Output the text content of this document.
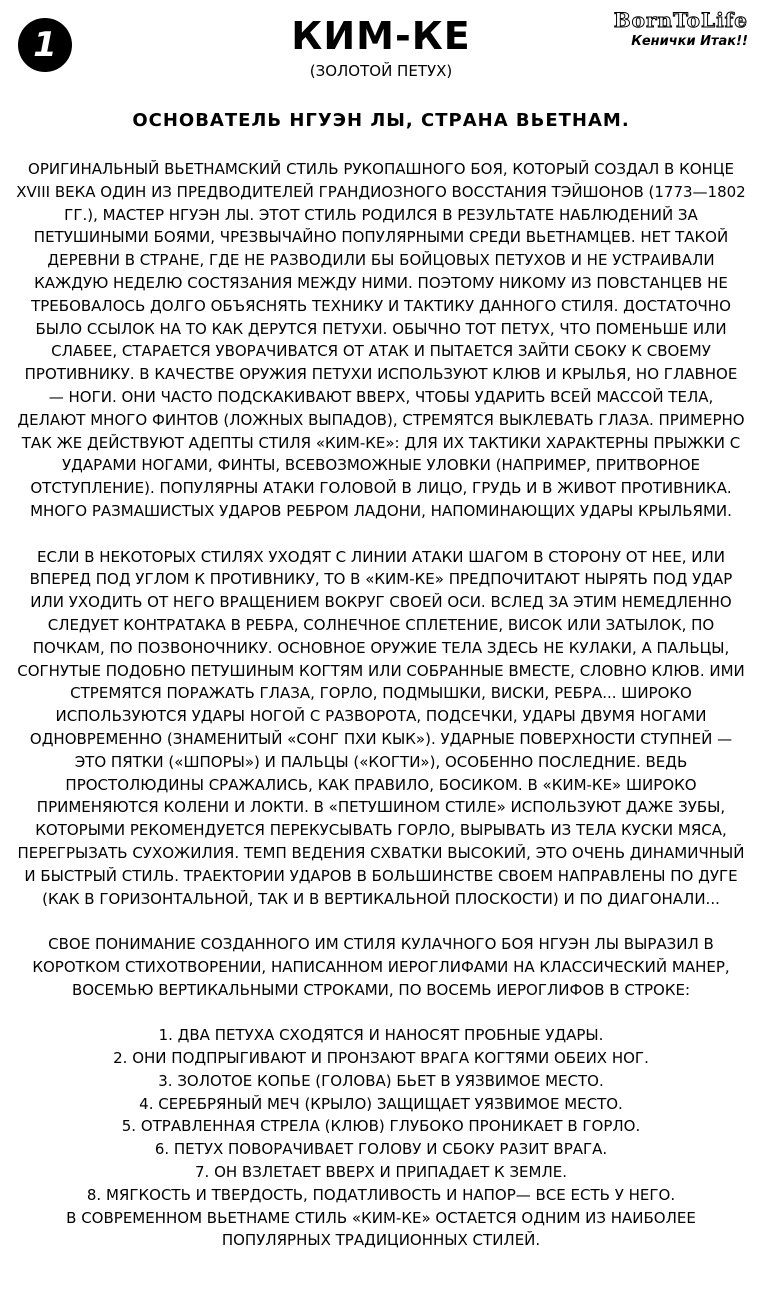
1	КИМ-КЕ
(ЗОЛОТОЙ ПЕТУХ)
BornToLife
Кенички Итак!!
ОСНОВАТЕЛЬ НГУЭН ЛЫ, СТРАНА ВЬЕТНАМ.

ОРИГИНАЛЬНЫЙ ВЬЕТНАМСКИЙ СТИЛЬ РУКОПАШНОГО БОЯ, КОТОРЫЙ СОЗДАЛ В КОНЦЕ XVIII ВЕКА ОДИН ИЗ ПРЕДВОДИТЕЛЕЙ ГРАНДИОЗНОГО ВОССТАНИЯ ТЭЙШОНОВ (1773—1802 ГГ.), МАСТЕР НГУЭН ЛЫ. ЭТОТ СТИЛЬ РОДИЛСЯ В РЕЗУЛЬТАТЕ НАБЛЮДЕНИЙ ЗА ПЕТУШИНЫМИ БОЯМИ, ЧРЕЗВЫЧАЙНО ПОПУЛЯРНЫМИ СРЕДИ ВЬЕТНАМЦЕВ. НЕТ ТАКОЙ ДЕРЕВНИ В СТРАНЕ, ГДЕ НЕ РАЗВОДИЛИ БЫ БОЙЦОВЫХ ПЕТУХОВ И НЕ УСТРАИВАЛИ КАЖДУЮ НЕДЕЛЮ СОСТЯЗАНИЯ МЕЖДУ НИМИ. ПОЭТОМУ НИКОМУ ИЗ ПОВСТАНЦЕВ НЕ ТРЕБОВАЛОСЬ ДОЛГО ОБЪЯСНЯТЬ ТЕХНИКУ И ТАКТИКУ ДАННОГО СТИЛЯ. ДОСТАТОЧНО БЫЛО ССЫЛОК НА ТО КАК ДЕРУТСЯ ПЕТУХИ. ОБЫЧНО ТОТ ПЕТУХ, ЧТО ПОМЕНЬШЕ ИЛИ СЛАБЕЕ, СТАРАЕТСЯ УВОРАЧИВАТСЯ ОТ АТАК И ПЫТАЕТСЯ ЗАЙТИ СБОКУ К СВОЕМУ ПРОТИВНИКУ. В КАЧЕСТВЕ ОРУЖИЯ ПЕТУХИ ИСПОЛЬЗУЮТ КЛЮВ И КРЫЛЬЯ, НО ГЛАВНОЕ — НОГИ. ОНИ ЧАСТО ПОДСКАКИВАЮТ ВВЕРХ, ЧТОБЫ УДАРИТЬ ВСЕЙ МАССОЙ ТЕЛА, ДЕЛАЮТ МНОГО ФИНТОВ (ЛОЖНЫХ ВЫПАДОВ), СТРЕМЯТСЯ ВЫКЛЕВАТЬ ГЛАЗА. ПРИМЕРНО ТАК ЖЕ ДЕЙСТВУЮТ АДЕПТЫ СТИЛЯ «КИМ-КЕ»: ДЛЯ ИХ ТАКТИКИ ХАРАКТЕРНЫ ПРЫЖКИ С УДАРАМИ НОГАМИ, ФИНТЫ, ВСЕВОЗМОЖНЫЕ УЛОВКИ (НАПРИМЕР, ПРИТВОРНОЕ ОТСТУПЛЕНИЕ). ПОПУЛЯРНЫ АТАКИ ГОЛОВОЙ В ЛИЦО, ГРУДЬ И В ЖИВОТ ПРОТИВНИКА. МНОГО РАЗМАШИСТЫХ УДАРОВ РЕБРОМ ЛАДОНИ, НАПОМИНАЮЩИХ УДАРЫ КРЫЛЬЯМИ.

ЕСЛИ В НЕКОТОРЫХ СТИЛЯХ УХОДЯТ С ЛИНИИ АТАКИ ШАГОМ В СТОРОНУ ОТ НЕЕ, ИЛИ ВПЕРЕД ПОД УГЛОМ К ПРОТИВНИКУ, ТО В «КИМ-КЕ» ПРЕДПОЧИТАЮТ НЫРЯТЬ ПОД УДАР ИЛИ УХОДИТЬ ОТ НЕГО ВРАЩЕНИЕМ ВОКРУГ СВОЕЙ ОСИ. ВСЛЕД ЗА ЭТИМ НЕМЕДЛЕННО СЛЕДУЕТ КОНТРАТАКА В РЕБРА, СОЛНЕЧНОЕ СПЛЕТЕНИЕ, ВИСОК ИЛИ ЗАТЫЛОК, ПО ПОЧКАМ, ПО ПОЗВОНОЧНИКУ. ОСНОВНОЕ ОРУЖИЕ ТЕЛА ЗДЕСЬ НЕ КУЛАКИ, А ПАЛЬЦЫ, СОГНУТЫЕ ПОДОБНО ПЕТУШИНЫМ КОГТЯМ ИЛИ СОБРАННЫЕ ВМЕСТЕ, СЛОВНО КЛЮВ. ИМИ СТРЕМЯТСЯ ПОРАЖАТЬ ГЛАЗА, ГОРЛО, ПОДМЫШКИ, ВИСКИ, РЕБРА... ШИРОКО ИСПОЛЬЗУЮТСЯ УДАРЫ НОГОЙ С РАЗВОРОТА, ПОДСЕЧКИ, УДАРЫ ДВУМЯ НОГАМИ ОДНОВРЕМЕННО (ЗНАМЕНИТЫЙ «СОНГ ПХИ КЫК»). УДАРНЫЕ ПОВЕРХНОСТИ СТУПНЕЙ — ЭТО ПЯТКИ («ШПОРЫ») И ПАЛЬЦЫ («КОГТИ»), ОСОБЕННО ПОСЛЕДНИЕ. ВЕДЬ ПРОСТОЛЮДИНЫ СРАЖАЛИСЬ, КАК ПРАВИЛО, БОСИКОМ. В «КИМ-КЕ» ШИРОКО ПРИМЕНЯЮТСЯ КОЛЕНИ И ЛОКТИ. В «ПЕТУШИНОМ СТИЛЕ» ИСПОЛЬЗУЮТ ДАЖЕ ЗУБЫ, КОТОРЫМИ РЕКОМЕНДУЕТСЯ ПЕРЕКУСЫВАТЬ ГОРЛО, ВЫРЫВАТЬ ИЗ ТЕЛА КУСКИ МЯСА, ПЕРЕГРЫЗАТЬ СУХОЖИЛИЯ. ТЕМП ВЕДЕНИЯ СХВАТКИ ВЫСОКИЙ, ЭТО ОЧЕНЬ ДИНАМИЧНЫЙ И БЫСТРЫЙ СТИЛЬ. ТРАЕКТОРИИ УДАРОВ В БОЛЬШИНСТВЕ СВОЕМ НАПРАВЛЕНЫ ПО ДУГЕ (КАК В ГОРИЗОНТАЛЬНОЙ, ТАК И В ВЕРТИКАЛЬНОЙ ПЛОСКОСТИ) И ПО ДИАГОНАЛИ...

СВОЕ ПОНИМАНИЕ СОЗДАННОГО ИМ СТИЛЯ КУЛАЧНОГО БОЯ НГУЭН ЛЫ ВЫРАЗИЛ В КОРОТКОМ СТИХОТВОРЕНИИ, НАПИСАННОМ ИЕРОГЛИФАМИ НА КЛАССИЧЕСКИЙ МАНЕР, ВОСЕМЬЮ ВЕРТИКАЛЬНЫМИ СТРОКАМИ, ПО ВОСЕМЬ ИЕРОГЛИФОВ В СТРОКЕ:

1. ДВА ПЕТУХА СХОДЯТСЯ И НАНОСЯТ ПРОБНЫЕ УДАРЫ.
2. ОНИ ПОДПРЫГИВАЮТ И ПРОНЗАЮТ ВРАГА КОГТЯМИ ОБЕИХ НОГ.
3. ЗОЛОТОЕ КОПЬЕ (ГОЛОВА) БЬЕТ В УЯЗВИМОЕ МЕСТО.
4. СЕРЕБРЯНЫЙ МЕЧ (КРЫЛО) ЗАЩИЩАЕТ УЯЗВИМОЕ МЕСТО.
5. ОТРАВЛЕННАЯ СТРЕЛА (КЛЮВ) ГЛУБОКО ПРОНИКАЕТ В ГОРЛО.
6. ПЕТУХ ПОВОРАЧИВАЕТ ГОЛОВУ И СБОКУ РАЗИТ ВРАГА.
7. ОН ВЗЛЕТАЕТ ВВЕРХ И ПРИПАДАЕТ К ЗЕМЛЕ.
8. МЯГКОСТЬ И ТВЕРДОСТЬ, ПОДАТЛИВОСТЬ И НАПОР— ВСЕ ЕСТЬ У НЕГО.

В СОВРЕМЕННОМ ВЬЕТНАМЕ СТИЛЬ «КИМ-КЕ» ОСТАЕТСЯ ОДНИМ ИЗ НАИБОЛЕЕ ПОПУЛЯРНЫХ ТРАДИЦИОННЫХ СТИЛЕЙ.
